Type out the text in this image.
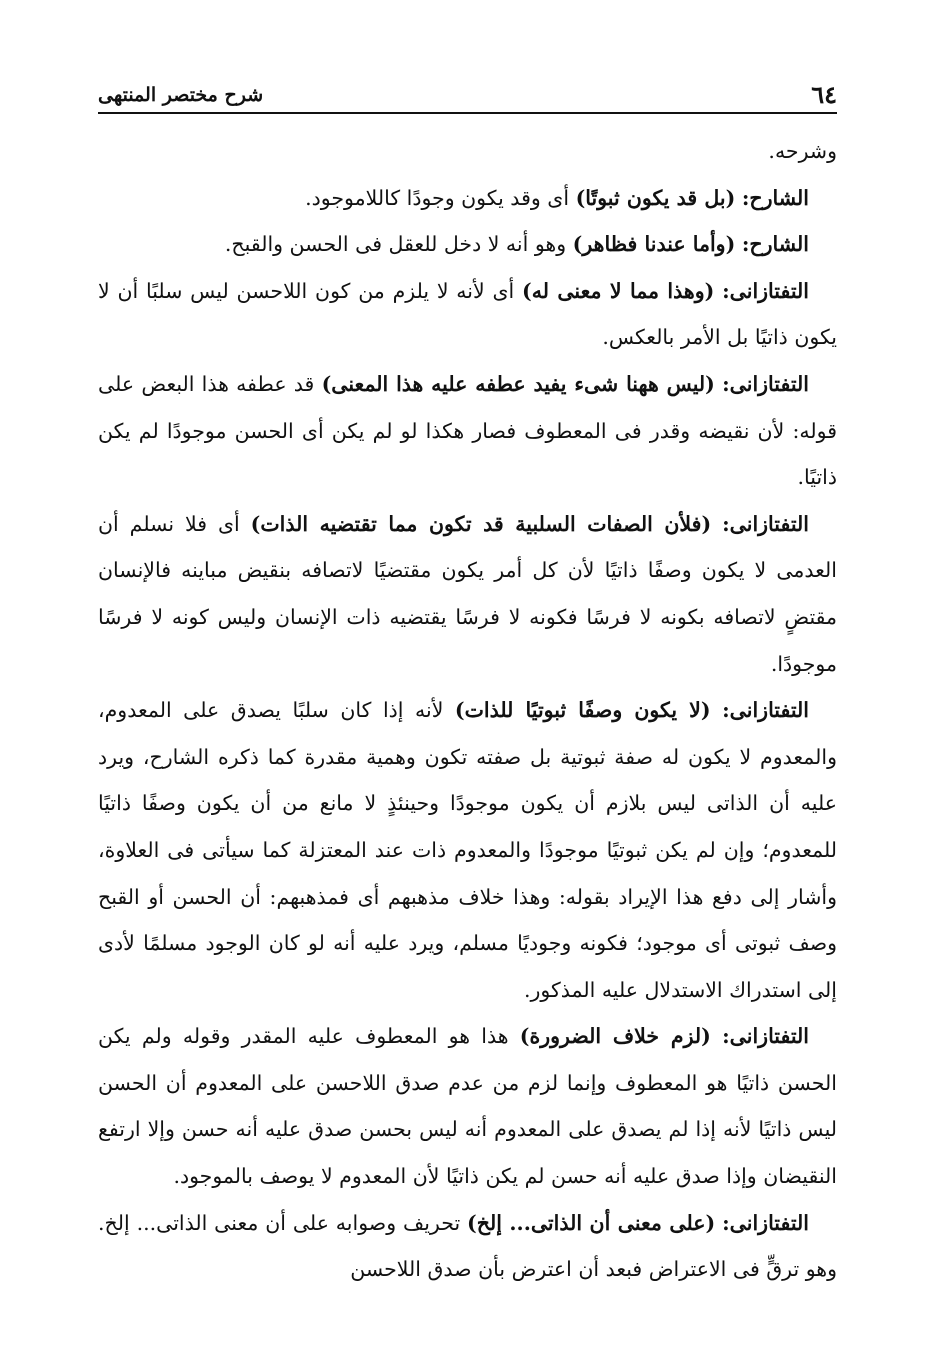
٦٤
شرح مختصر المنتهى

وشرحه.

الشارح: (بل قد يكون ثبوتًا) أى وقد يكون وجودًا كاللاموجود.

الشارح: (وأما عندنا فظاهر) وهو أنه لا دخل للعقل فى الحسن والقبح.

التفتازانى: (وهذا مما لا معنى له) أى لأنه لا يلزم من كون اللاحسن ليس سلبًا أن لا يكون ذاتيًا بل الأمر بالعكس.

التفتازانى: (ليس ههنا شىء يفيد عطفه عليه هذا المعنى) قد عطفه هذا البعض على قوله: لأن نقيضه وقدر فى المعطوف فصار هكذا لو لم يكن أى الحسن موجودًا لم يكن ذاتيًا.

التفتازانى: (فلأن الصفات السلبية قد تكون مما تقتضيه الذات) أى فلا نسلم أن العدمى لا يكون وصفًا ذاتيًا لأن كل أمر يكون مقتضيًا لاتصافه بنقيض مباينه فالإنسان مقتضٍ لاتصافه بكونه لا فرسًا فكونه لا فرسًا يقتضيه ذات الإنسان وليس كونه لا فرسًا موجودًا.

التفتازانى: (لا يكون وصفًا ثبوتيًا للذات) لأنه إذا كان سلبًا يصدق على المعدوم، والمعدوم لا يكون له صفة ثبوتية بل صفته تكون وهمية مقدرة كما ذكره الشارح، ويرد عليه أن الذاتى ليس بلازم أن يكون موجودًا وحينئذٍ لا مانع من أن يكون وصفًا ذاتيًا للمعدوم؛ وإن لم يكن ثبوتيًا موجودًا والمعدوم ذات عند المعتزلة كما سيأتى فى العلاوة، وأشار إلى دفع هذا الإيراد بقوله: وهذا خلاف مذهبهم أى فمذهبهم: أن الحسن أو القبح وصف ثبوتى أى موجود؛ فكونه وجوديًا مسلم، ويرد عليه أنه لو كان الوجود مسلمًا لأدى إلى استدراك الاستدلال عليه المذكور.

التفتازانى: (لزم خلاف الضرورة) هذا هو المعطوف عليه المقدر وقوله ولم يكن الحسن ذاتيًا هو المعطوف وإنما لزم من عدم صدق اللاحسن على المعدوم أن الحسن ليس ذاتيًا لأنه إذا لم يصدق على المعدوم أنه ليس بحسن صدق عليه أنه حسن وإلا ارتفع النقيضان وإذا صدق عليه أنه حسن لم يكن ذاتيًا لأن المعدوم لا يوصف بالموجود.

التفتازانى: (على معنى أن الذاتى... إلخ) تحريف وصوابه على أن معنى الذاتى... إلخ. وهو ترقٍّ فى الاعتراض فبعد أن اعترض بأن صدق اللاحسن
